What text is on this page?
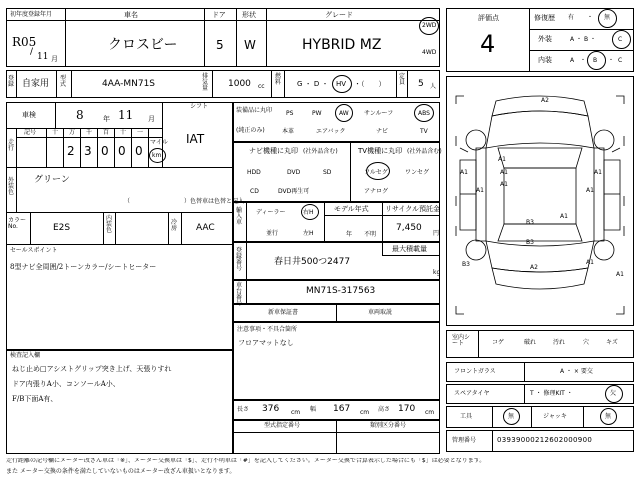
初年度登録年月	車名	ドア 形状	グレード
R05
/ 11 月
クロスビー	5 W	HYBRID MZ
2WD
4WD
登録 自家用
型式	4AA-MN71S
排気量 1000 cc
燃料 G ・ D ・ HV ・（　　）
定員 5 人
車検	8	年 11 月
シフト
IAT
走行
記号	十 万 千 百 十 一
2 3 0 0 0
マイル
km
外装色
グリーン
（　　　　　　　　　）色替車は色替と記入
カラーNo.	E2S
内装色
冷房 AAC
セールスポイント
8型ナビ全周囲/2トーンカラー/シートヒーター
装備品に丸印
(純正のみ)
PS	PW	AW	サンルーフ	ABS
本革	エアバック	ナビ	TV
ナビ機種に丸印 (社外品含む)
HDD	DVD	SD
CD	DVD再生可
TV機種に丸印 (社外品含む)
フルセグ	ワンセグ
アナログ
輸入車
ディーラー	右H
並行	左H
モデル年式
年 不明
リサイクル預託金
7,450
円
登録番号
春日井500つ2477
最大積載量
kg
車台番号
MN71S-317563
新車保証書	車両取説
注意事項・不具合箇所
フロアマットなし
検査記入欄
ねじ止め□アシストグリップ突き上げ、天張りすれ
ドア内張りA小、コンソールA小、
F/B下面A有、
長さ 376 cm 幅 167 cm 高さ 170 cm
型式指定番号	類別区分番号
評価点
4
修復歴 有 ・ 無
外装	A ・ B ・	C
内装	A ・ B ・ C
A2
A1
A1
A1
A1
A1
B3
B3	A2
A1
A1
A1
A1
B3
A1
室内シート	コゲ	破れ	汚れ	穴	キズ
フロントガラス	A ・ × 要交
スペアタイヤ	T ・ 修理KIT ・	欠
工具	無	ジャッキ	無
管理番号	03939000212602000900
走行距離の記号欄にメーター改ざん車は「※」、メーター交換車は「$」、走行不明車は「#」を記入してください。メーター交換で合算表示した場合にも「$」は必要となります。
また メーター交換の条件を満たしていないものはメーター改ざん車扱いとなります。
